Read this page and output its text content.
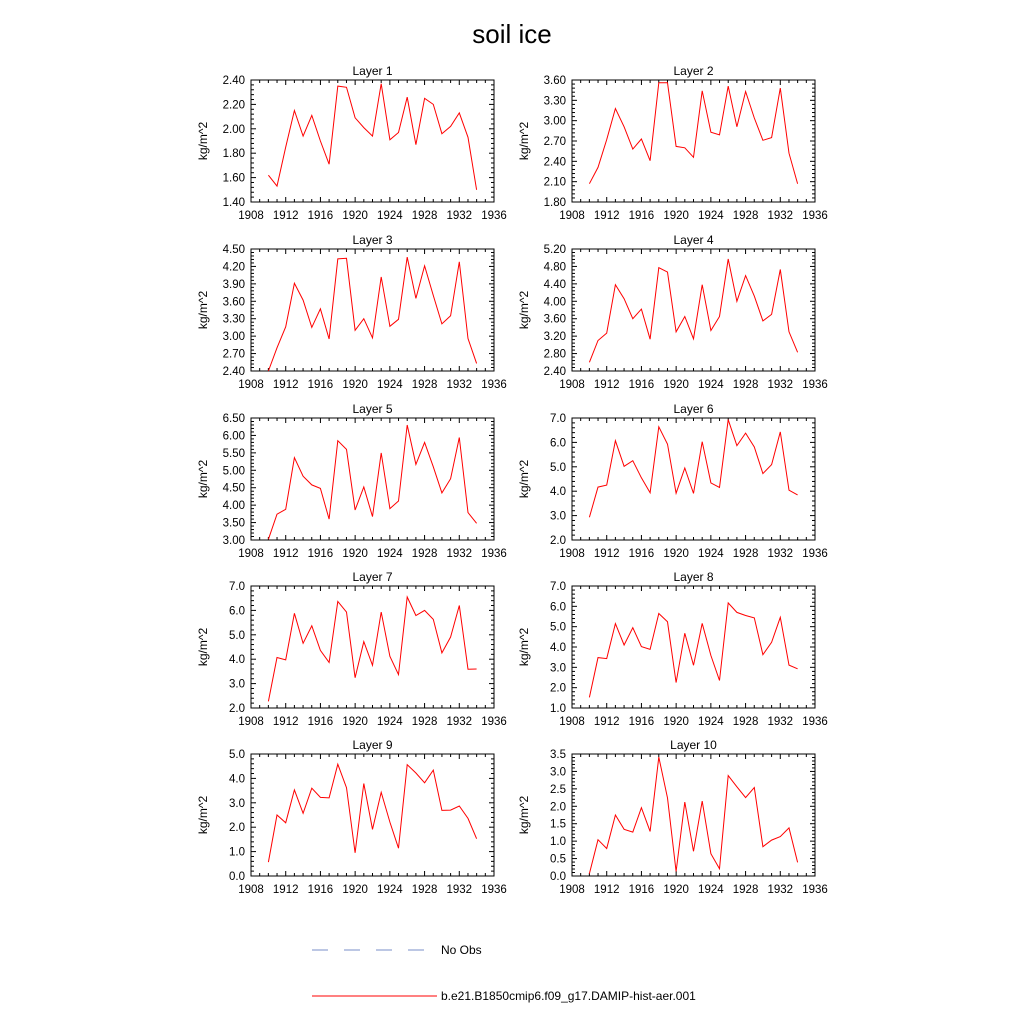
soil ice
Layer 1
1908 1912 1916 1920 1924 1928 1932 1936
1.40
1.60
1.80
2.00
2.20
2.40
kg/m^2
Layer 2
1908 1912 1916 1920 1924 1928 1932 1936
1.80
2.10
2.40
2.70
3.00
3.30
3.60
kg/m^2
Layer 3
1908 1912 1916 1920 1924 1928 1932 1936
2.40
2.70
3.00
3.30
3.60
3.90
4.20
4.50
kg/m^2
Layer 4
1908 1912 1916 1920 1924 1928 1932 1936
2.40
2.80
3.20
3.60
4.00
4.40
4.80
5.20
kg/m^2
Layer 5
1908 1912 1916 1920 1924 1928 1932 1936
3.00
3.50
4.00
4.50
5.00
5.50
6.00
6.50
kg/m^2
Layer 6
1908 1912 1916 1920 1924 1928 1932 1936
2.0
3.0
4.0
5.0
6.0
7.0
kg/m^2
Layer 7
1908 1912 1916 1920 1924 1928 1932 1936
2.0
3.0
4.0
5.0
6.0
7.0
kg/m^2
Layer 8
1908 1912 1916 1920 1924 1928 1932 1936
1.0
2.0
3.0
4.0
5.0
6.0
7.0
kg/m^2
Layer 9
1908 1912 1916 1920 1924 1928 1932 1936
0.0
1.0
2.0
3.0
4.0
5.0
kg/m^2
Layer 10
1908 1912 1916 1920 1924 1928 1932 1936
0.0
0.5
1.0
1.5
2.0
2.5
3.0
3.5
kg/m^2
No Obs
b.e21.B1850cmip6.f09_g17.DAMIP-hist-aer.001
